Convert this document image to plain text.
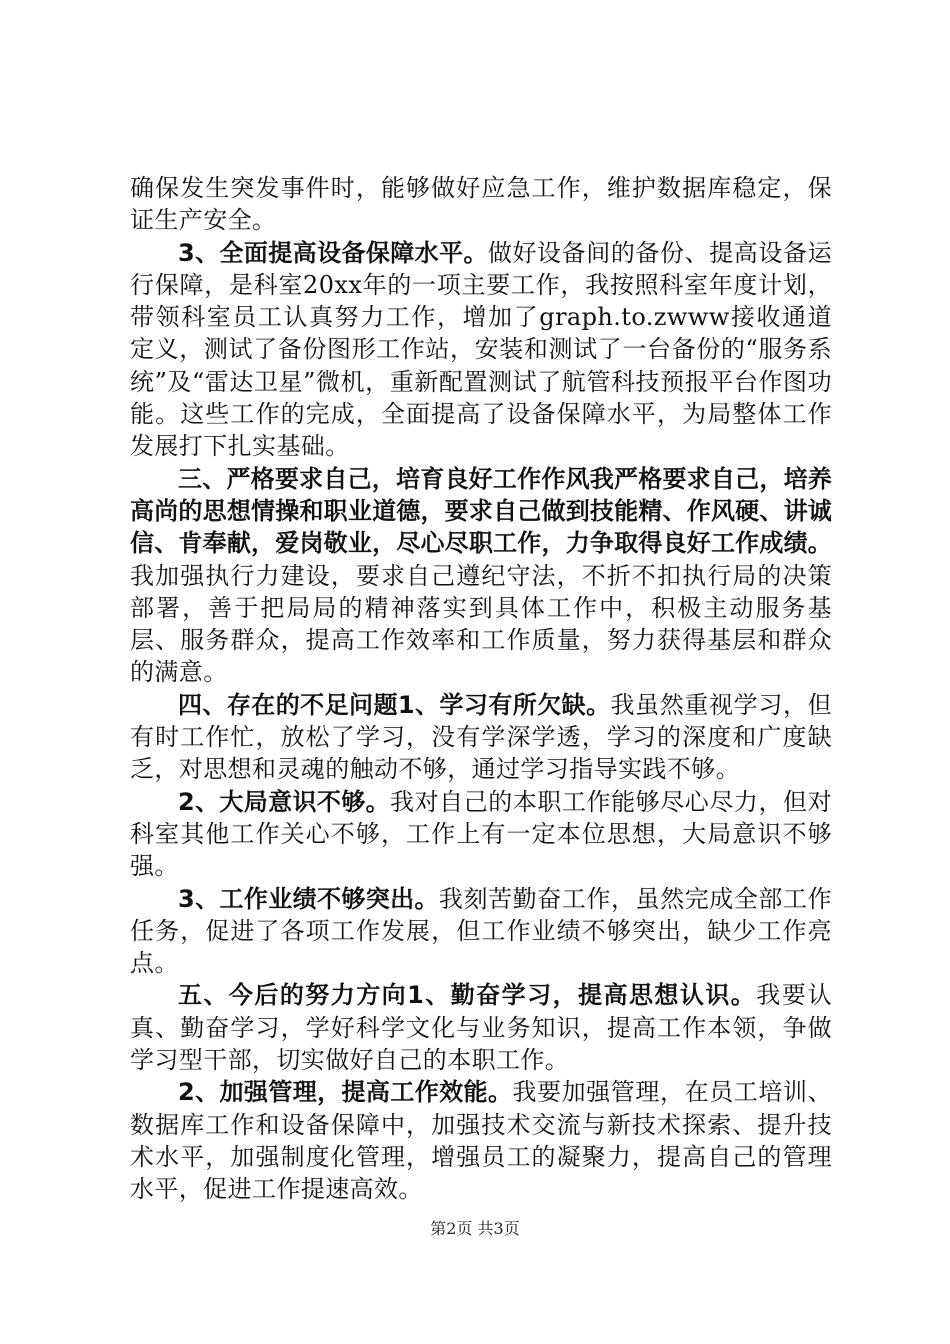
确保发生突发事件时，能够做好应急工作，维护数据库稳定，保证生产安全。

3、全面提高设备保障水平。做好设备间的备份、提高设备运行保障，是科室20xx年的一项主要工作，我按照科室年度计划，带领科室员工认真努力工作，增加了graph.to.zwww接收通道定义，测试了备份图形工作站，安装和测试了一台备份的“服务系统”及“雷达卫星”微机，重新配置测试了航管科技预报平台作图功能。这些工作的完成，全面提高了设备保障水平，为局整体工作发展打下扎实基础。

三、严格要求自己，培育良好工作作风我严格要求自己，培养高尚的思想情操和职业道德，要求自己做到技能精、作风硬、讲诚信、肯奉献，爱岗敬业，尽心尽职工作，力争取得良好工作成绩。我加强执行力建设，要求自己遵纪守法，不折不扣执行局的决策部署，善于把局局的精神落实到具体工作中，积极主动服务基层、服务群众，提高工作效率和工作质量，努力获得基层和群众的满意。

四、存在的不足问题1、学习有所欠缺。我虽然重视学习，但有时工作忙，放松了学习，没有学深学透，学习的深度和广度缺乏，对思想和灵魂的触动不够，通过学习指导实践不够。

2、大局意识不够。我对自己的本职工作能够尽心尽力，但对科室其他工作关心不够，工作上有一定本位思想，大局意识不够强。

3、工作业绩不够突出。我刻苦勤奋工作，虽然完成全部工作任务，促进了各项工作发展，但工作业绩不够突出，缺少工作亮点。

五、今后的努力方向1、勤奋学习，提高思想认识。我要认真、勤奋学习，学好科学文化与业务知识，提高工作本领，争做学习型干部，切实做好自己的本职工作。

2、加强管理，提高工作效能。我要加强管理，在员工培训、数据库工作和设备保障中，加强技术交流与新技术探索、提升技术水平，加强制度化管理，增强员工的凝聚力，提高自己的管理水平，促进工作提速高效。

第2页 共3页
